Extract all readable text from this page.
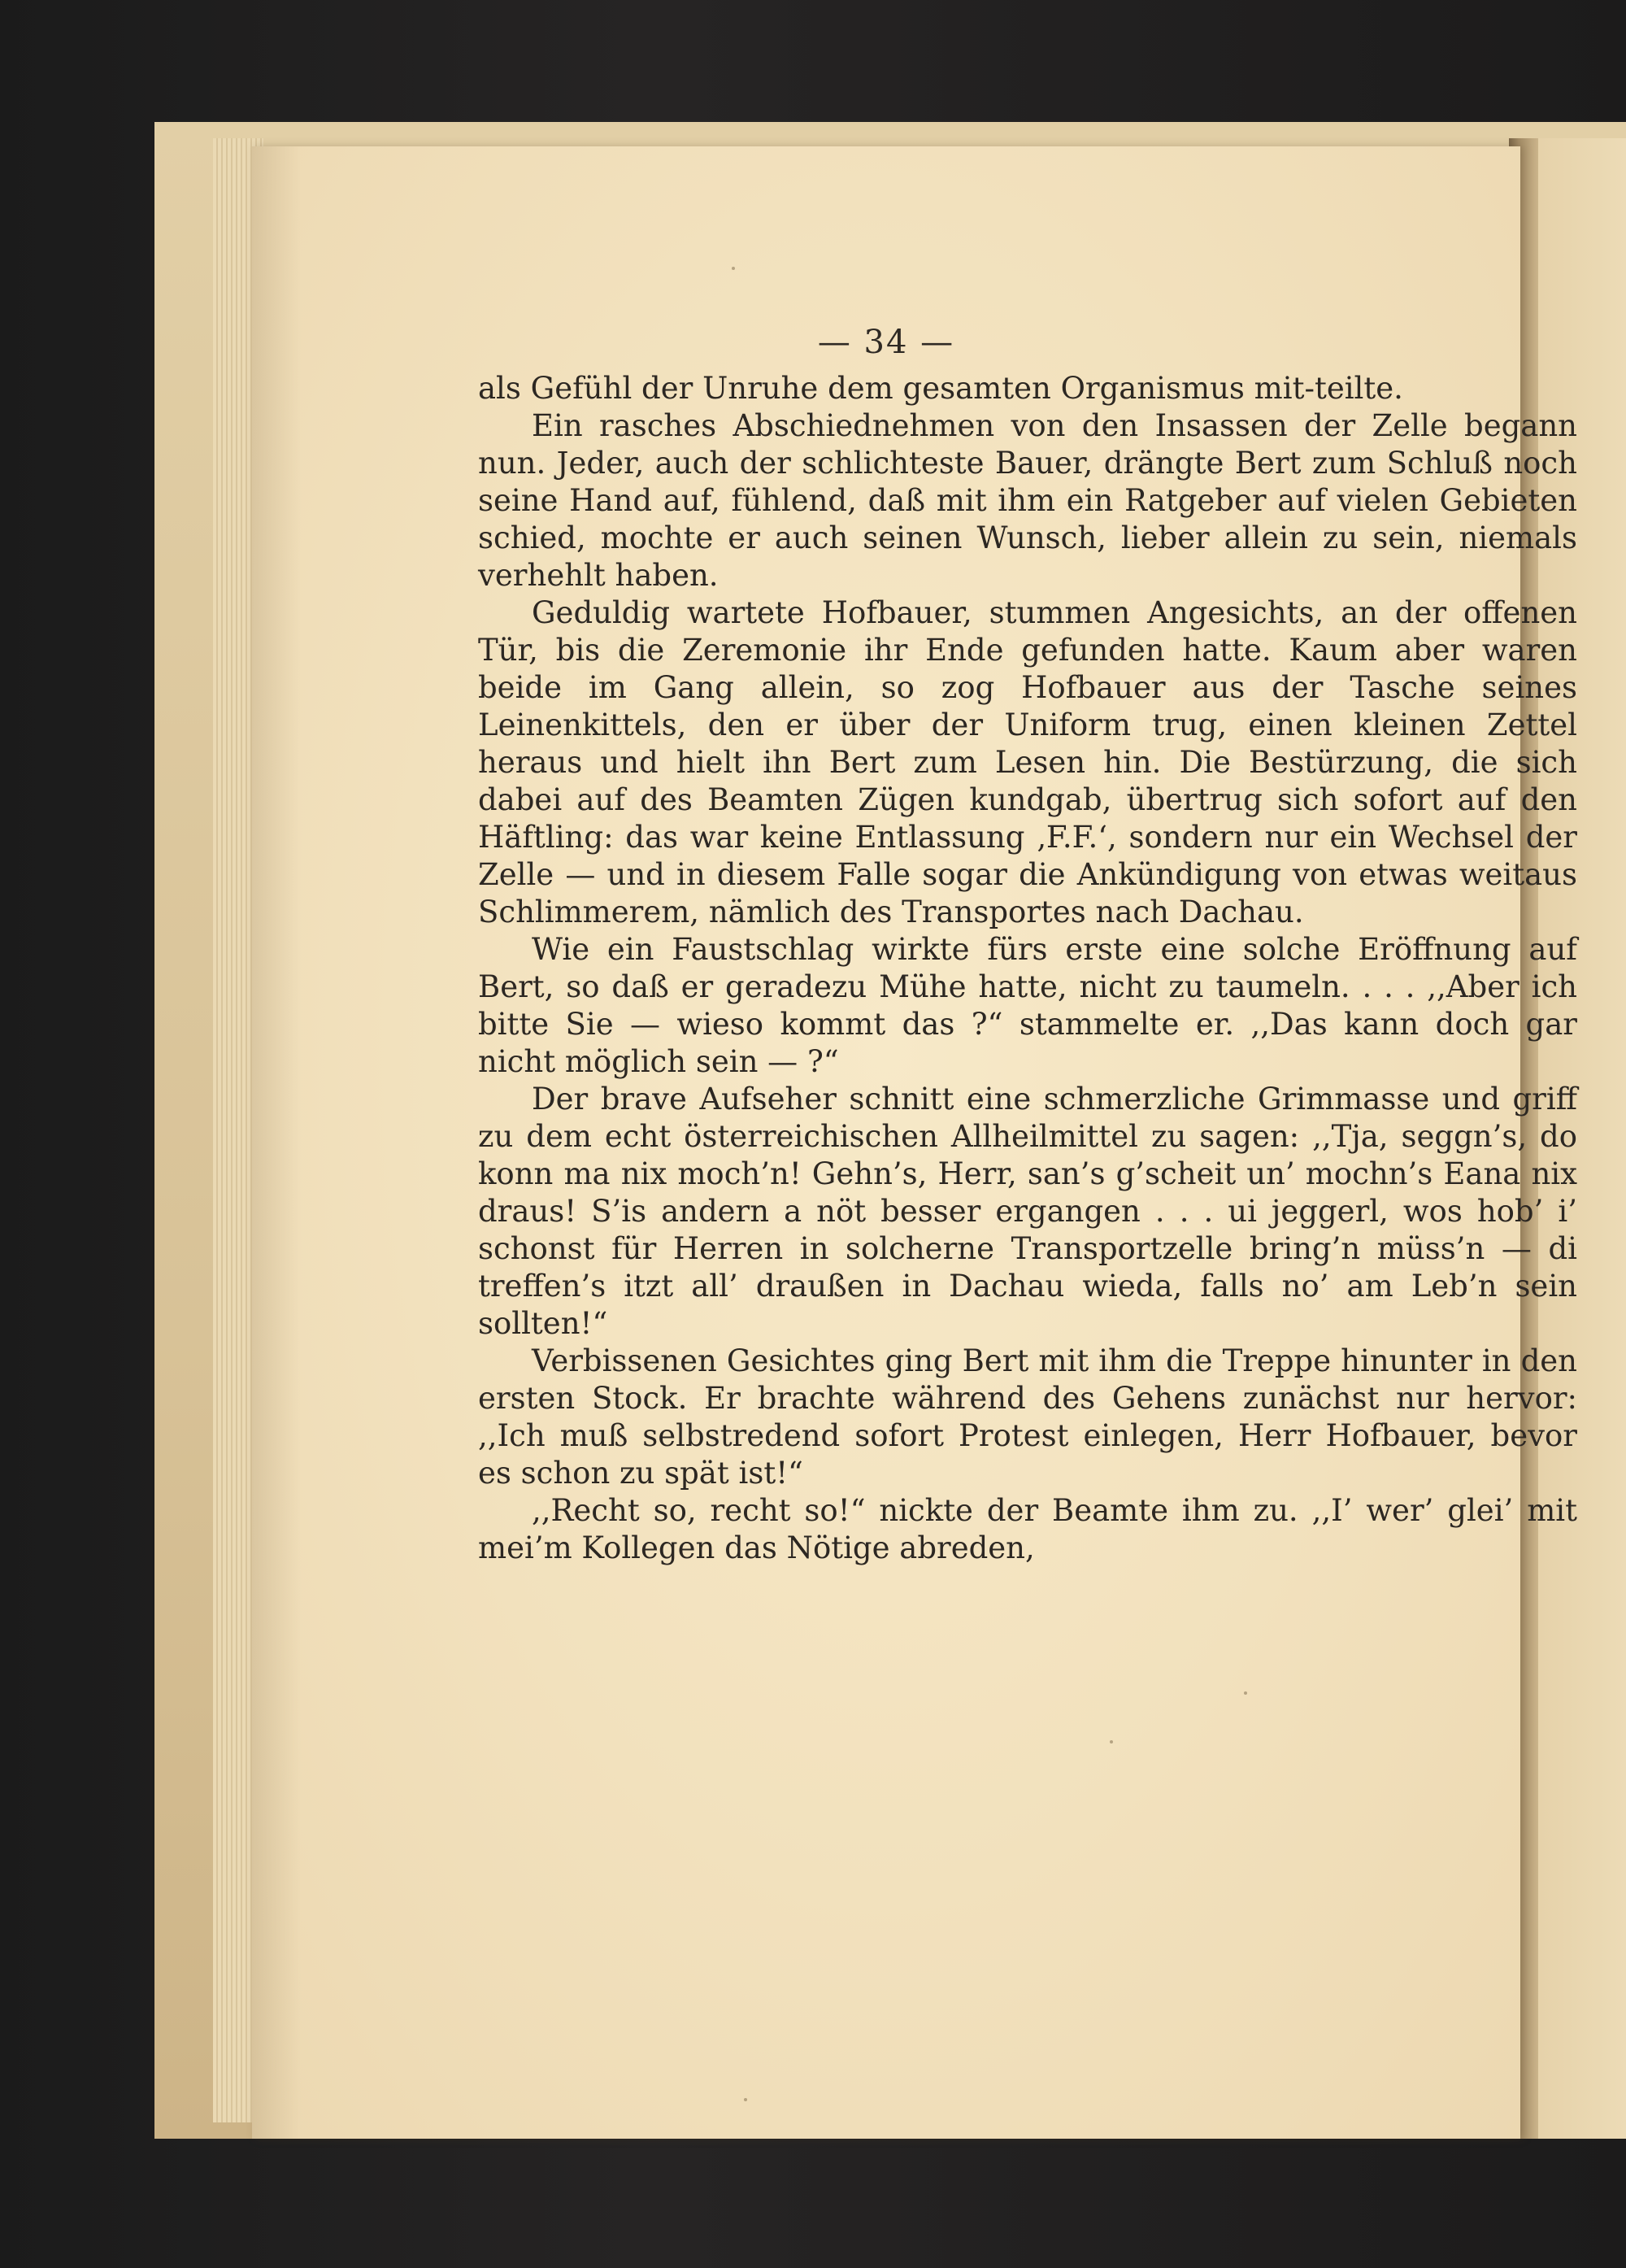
— 34 —

als Gefühl der Unruhe dem gesamten Organismus mit-teilte.

Ein rasches Abschiednehmen von den Insassen der Zelle begann nun. Jeder, auch der schlichteste Bauer, drängte Bert zum Schluß noch seine Hand auf, fühlend, daß mit ihm ein Ratgeber auf vielen Gebieten schied, mochte er auch seinen Wunsch, lieber allein zu sein, niemals verhehlt haben.

Geduldig wartete Hofbauer, stummen Angesichts, an der offenen Tür, bis die Zeremonie ihr Ende gefunden hatte. Kaum aber waren beide im Gang allein, so zog Hofbauer aus der Tasche seines Leinenkittels, den er über der Uniform trug, einen kleinen Zettel heraus und hielt ihn Bert zum Lesen hin. Die Bestürzung, die sich dabei auf des Beamten Zügen kundgab, übertrug sich sofort auf den Häftling: das war keine Entlassung ‚F.F.‘, sondern nur ein Wechsel der Zelle — und in diesem Falle sogar die Ankündigung von etwas weitaus Schlimmerem, nämlich des Transportes nach Dachau.

Wie ein Faustschlag wirkte fürs erste eine solche Eröffnung auf Bert, so daß er geradezu Mühe hatte, nicht zu taumeln. . . . ,,Aber ich bitte Sie — wieso kommt das ?“ stammelte er. ,,Das kann doch gar nicht möglich sein — ?“

Der brave Aufseher schnitt eine schmerzliche Grimmasse und griff zu dem echt österreichischen Allheilmittel zu sagen: ,,Tja, seggn’s, do konn ma nix moch’n! Gehn’s, Herr, san’s g’scheit un’ mochn’s Eana nix draus! S’is andern a nöt besser ergangen . . . ui jeggerl, wos hob’ i’ schonst für Herren in solcherne Transportzelle bring’n müss’n — di treffen’s itzt all’ draußen in Dachau wieda, falls no’ am Leb’n sein sollten!“

Verbissenen Gesichtes ging Bert mit ihm die Treppe hinunter in den ersten Stock. Er brachte während des Gehens zunächst nur hervor: ,,Ich muß selbstredend sofort Protest einlegen, Herr Hofbauer, bevor es schon zu spät ist!“

,,Recht so, recht so!“ nickte der Beamte ihm zu. ,,I’ wer’ glei’ mit mei’m Kollegen das Nötige abreden,
